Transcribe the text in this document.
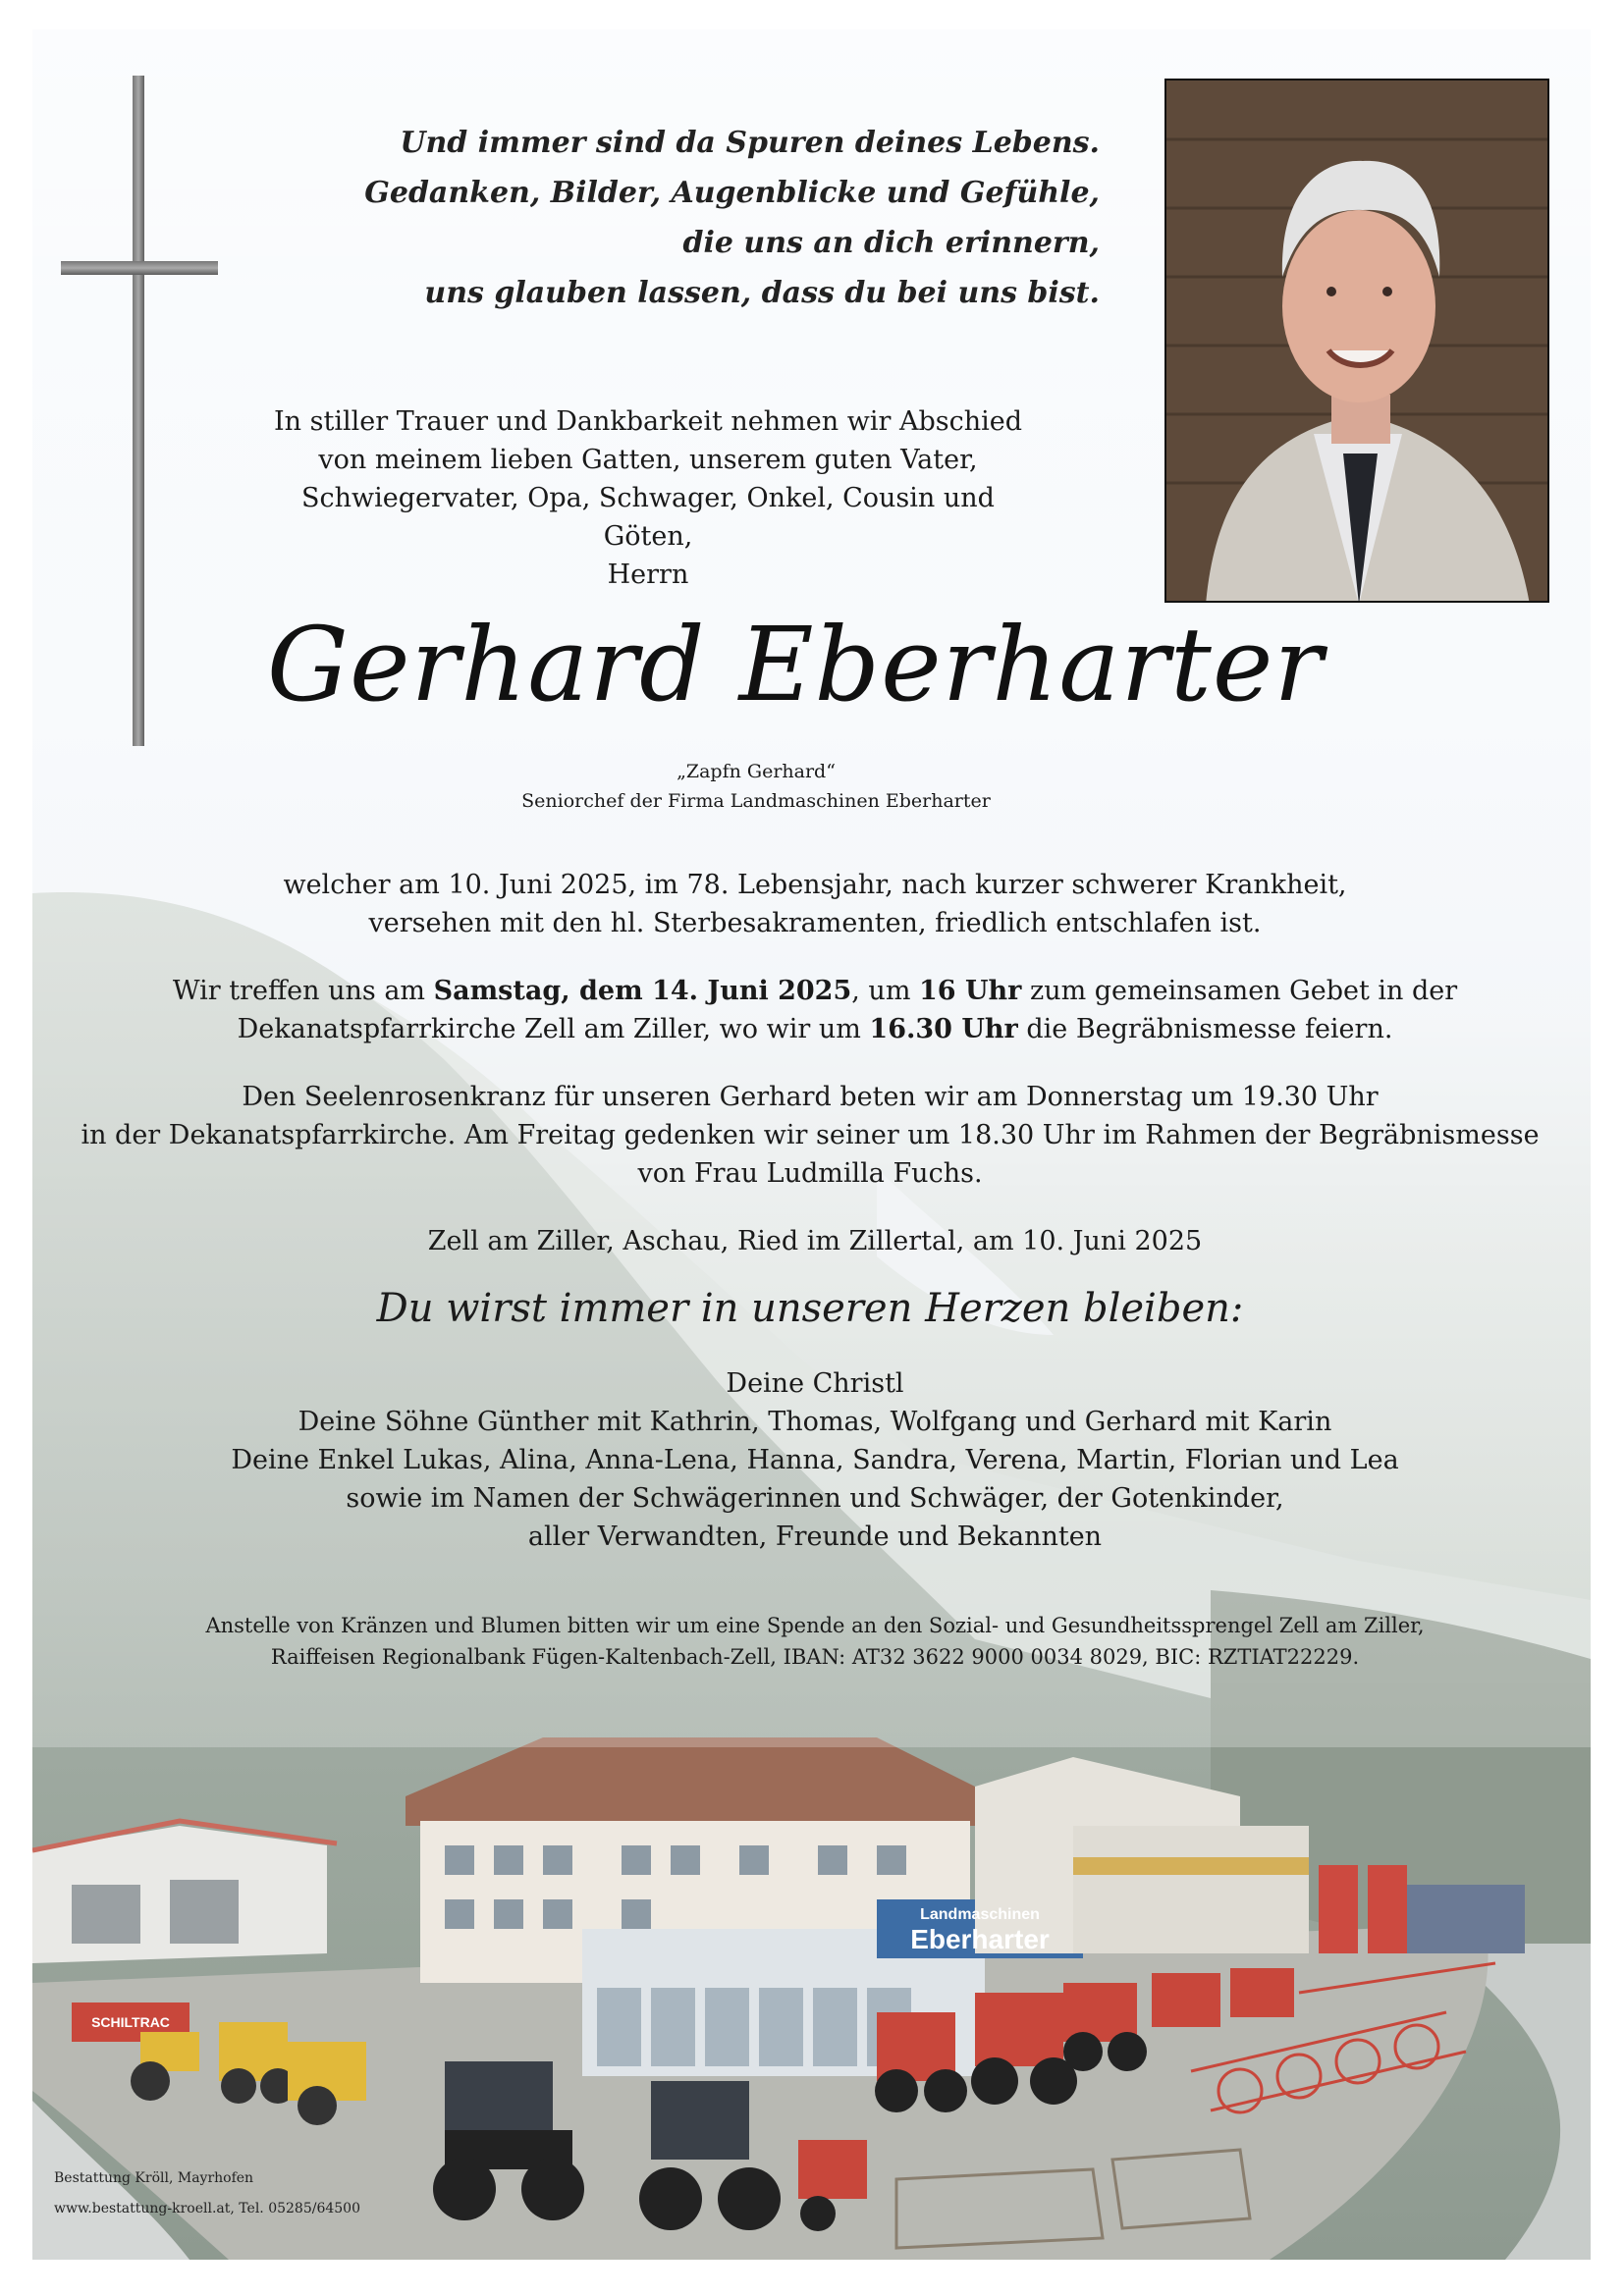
Landmaschinen
Eberharter
SCHILTRAC

Und immer sind da Spuren deines Lebens.

Gedanken, Bilder, Augenblicke und Gefühle,

die uns an dich erinnern,

uns glauben lassen, dass du bei uns bist.

In stiller Trauer und Dankbarkeit nehmen wir Abschied

von meinem lieben Gatten, unserem guten Vater,

Schwiegervater, Opa, Schwager, Onkel, Cousin und Göten,

Herrn

Gerhard Eberharter
„Zapfn Gerhard“
Seniorchef der Firma Landmaschinen Eberharter

welcher am 10. Juni 2025, im 78. Lebensjahr, nach kurzer schwerer Krankheit,

versehen mit den hl. Sterbesakramenten, friedlich entschlafen ist.

Wir treffen uns am Samstag, dem 14. Juni 2025, um 16 Uhr zum gemeinsamen Gebet in der

Dekanatspfarrkirche Zell am Ziller, wo wir um 16.30 Uhr die Begräbnismesse feiern.

Den Seelenrosenkranz für unseren Gerhard beten wir am Donnerstag um 19.30 Uhr

in der Dekanatspfarrkirche. Am Freitag gedenken wir seiner um 18.30 Uhr im Rahmen der Begräbnismesse

von Frau Ludmilla Fuchs.

Zell am Ziller, Aschau, Ried im Zillertal, am 10. Juni 2025
Du wirst immer in unseren Herzen bleiben:

Deine Christl

Deine Söhne Günther mit Kathrin, Thomas, Wolfgang und Gerhard mit Karin

Deine Enkel Lukas, Alina, Anna-Lena, Hanna, Sandra, Verena, Martin, Florian und Lea

sowie im Namen der Schwägerinnen und Schwäger, der Gotenkinder,

aller Verwandten, Freunde und Bekannten

Anstelle von Kränzen und Blumen bitten wir um eine Spende an den Sozial- und Gesundheitssprengel Zell am Ziller,

Raiffeisen Regionalbank Fügen-Kaltenbach-Zell, IBAN: AT32 3622 9000 0034 8029, BIC: RZTIAT22229.

Bestattung Kröll, Mayrhofen

www.bestattung-kroell.at, Tel. 05285/64500
